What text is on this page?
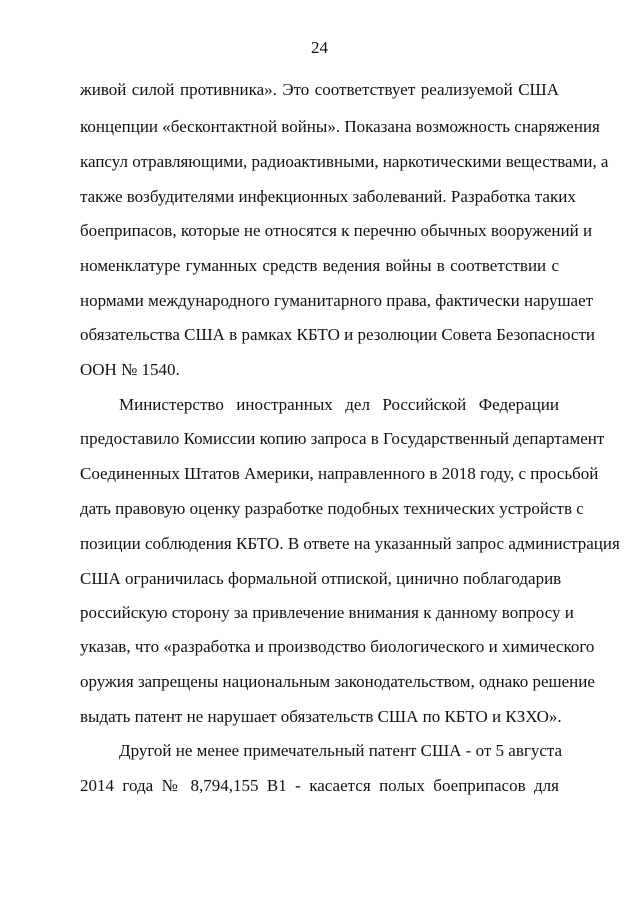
24
живой силой противника». Это соответствует реализуемой США
концепции «бесконтактной войны». Показана возможность снаряжения
капсул отравляющими, радиоактивными, наркотическими веществами, а
также возбудителями инфекционных заболеваний. Разработка таких
боеприпасов, которые не относятся к перечню обычных вооружений и
номенклатуре гуманных средств ведения войны в соответствии с
нормами международного гуманитарного права, фактически нарушает
обязательства США в рамках КБТО и резолюции Совета Безопасности
ООН № 1540.
Министерство иностранных дел Российской Федерации
предоставило Комиссии копию запроса в Государственный департамент
Соединенных Штатов Америки, направленного в 2018 году, с просьбой
дать правовую оценку разработке подобных технических устройств с
позиции соблюдения КБТО. В ответе на указанный запрос администрация
США ограничилась формальной отпиской, цинично поблагодарив
российскую сторону за привлечение внимания к данному вопросу и
указав, что «разработка и производство биологического и химического
оружия запрещены национальным законодательством, однако решение
выдать патент не нарушает обязательств США по КБТО и КЗХО».
Другой не менее примечательный патент США - от 5 августа
2014 года № 8,794,155 В1 - касается полых боеприпасов для
